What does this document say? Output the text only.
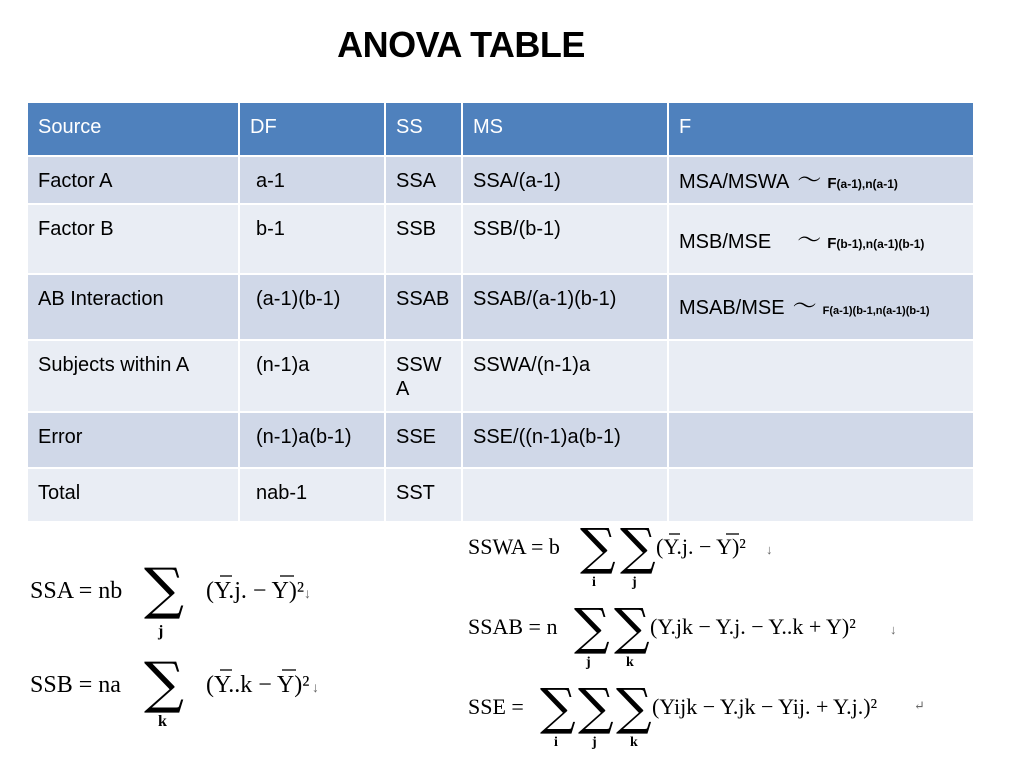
ANOVA TABLE
Source	DF	SS	MS	F
Factor A	a-1	SSA	SSA/(a-1)	MSA/MSWA ～ F(a-1),n(a-1)
Factor B	b-1	SSB	SSB/(b-1)	MSB/MSE ～ F(b-1),n(a-1)(b-1)
AB Interaction	(a-1)(b-1)	SSAB	SSAB/(a-1)(b-1)	MSAB/MSE ～ F(a-1)(b-1,n(a-1)(b-1)
Subjects within A	(n-1)a	SSW A	SSWA/(n-1)a	
Error	(n-1)a(b-1)	SSE	SSE/((n-1)a(b-1)	
Total	nab-1	SST		
SSA = nb ∑
j
(Y.j. − Y)² ↓
SSB = na ∑
k
(Y..k − Y)² ↓
SSWA = b ∑
i
∑
j
(Y.j. − Y)² ↓
SSAB = n ∑
j
∑
k
(Y.jk − Y.j. − Y..k + Y)²	↓
SSE = ∑
i
∑
j
∑
k
(Yijk − Y.jk − Yij. + Y.j.)²	↵
